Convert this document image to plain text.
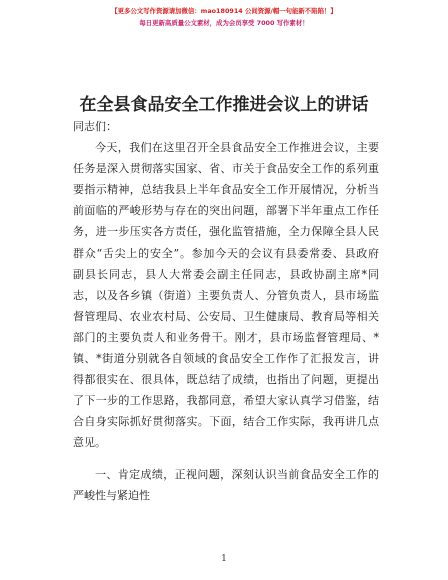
【更多公文写作资源请加微信：mao180914 公间资源/帽一句能新不陷陷！】
每日更新高质量公文素材，成为会员享受 7000 写作素材！
在全县食品安全工作推进会议上的讲话
同志们：
今天，我们在这里召开全县食品安全工作推进会议，主要
任务是深入贯彻落实国家、省、市关于食品安全工作的系列重
要指示精神，总结我县上半年食品安全工作开展情况，分析当
前面临的严峻形势与存在的突出问题，部署下半年重点工作任
务，进一步压实各方责任，强化监管措施，全力保障全县人民
群众“舌尖上的安全”。参加今天的会议有县委常委、县政府
副县长同志，县人大常委会副主任同志，县政协副主席*同
志，以及各乡镇（街道）主要负责人、分管负责人，县市场监
督管理局、农业农村局、公安局、卫生健康局、教育局等相关
部门的主要负责人和业务骨干。刚才，县市场监督管理局、*
镇、*街道分别就各自领域的食品安全工作作了汇报发言，讲
得都很实在、很具体，既总结了成绩，也指出了问题，更提出
了下一步的工作思路，我都同意，希望大家认真学习借鉴，结
合自身实际抓好贯彻落实。下面，结合工作实际，我再讲几点
意见。
一、肯定成绩，正视问题，深刻认识当前食品安全工作的
严峻性与紧迫性
1
